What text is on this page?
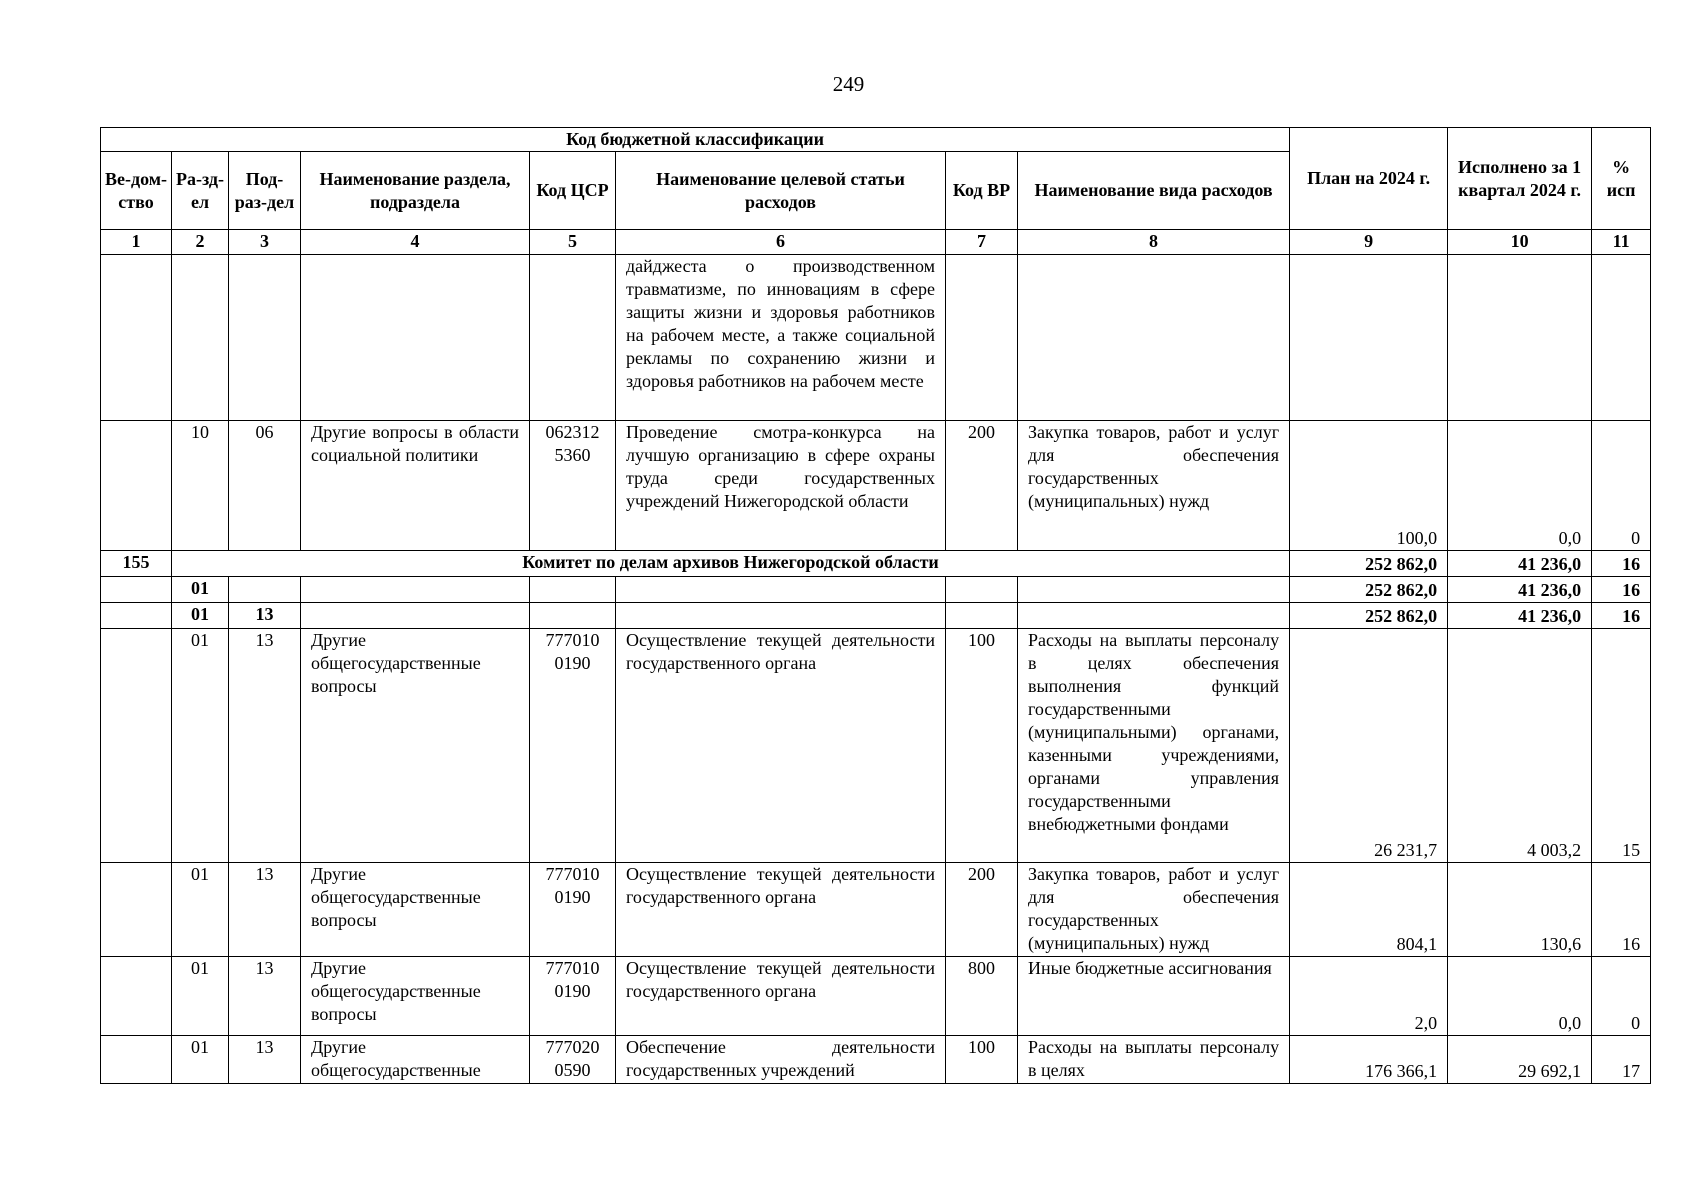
249
Код бюджетной классификации								План на 2024 г.	Исполнено за 1 квартал 2024 г.	% исп
Ве-дом-ство	Ра-зд-ел	Под-раз-дел	Наименование раздела, подраздела	Код ЦСР	Наименование целевой статьи расходов	Код ВР	Наименование вида расходов			
1	2	3	4	5	6	7	8	9	10	11
					дайджеста о производственном травматизме, по инновациям в сфере защиты жизни и здоровья работников на рабочем месте, а также социальной рекламы по сохранению жизни и здоровья работников на рабочем месте					
	10	06	Другие вопросы в области социальной политики	062312 5360	Проведение смотра-конкурса на лучшую организацию в сфере охраны труда среди государственных учреждений Нижегородской области	200	Закупка товаров, работ и услуг для обеспечения государственных (муниципальных) нужд	100,0	0,0	0
155	Комитет по делам архивов Нижегородской области							252 862,0	41 236,0	16
	01							252 862,0	41 236,0	16
	01	13						252 862,0	41 236,0	16
	01	13	Другие общегосударственные вопросы	777010 0190	Осуществление текущей деятельности государственного органа	100	Расходы на выплаты персоналу в целях обеспечения выполнения функций государственными (муниципальными) органами, казенными учреждениями, органами управления государственными внебюджетными фондами	26 231,7	4 003,2	15
	01	13	Другие общегосударственные вопросы	777010 0190	Осуществление текущей деятельности государственного органа	200	Закупка товаров, работ и услуг для обеспечения государственных (муниципальных) нужд	804,1	130,6	16
	01	13	Другие общегосударственные вопросы	777010 0190	Осуществление текущей деятельности государственного органа	800	Иные бюджетные ассигнования	2,0	0,0	0
	01	13	Другие общегосударственные	777020 0590	Обеспечение деятельности государственных учреждений	100	Расходы на выплаты персоналу в целях	176 366,1	29 692,1	17
